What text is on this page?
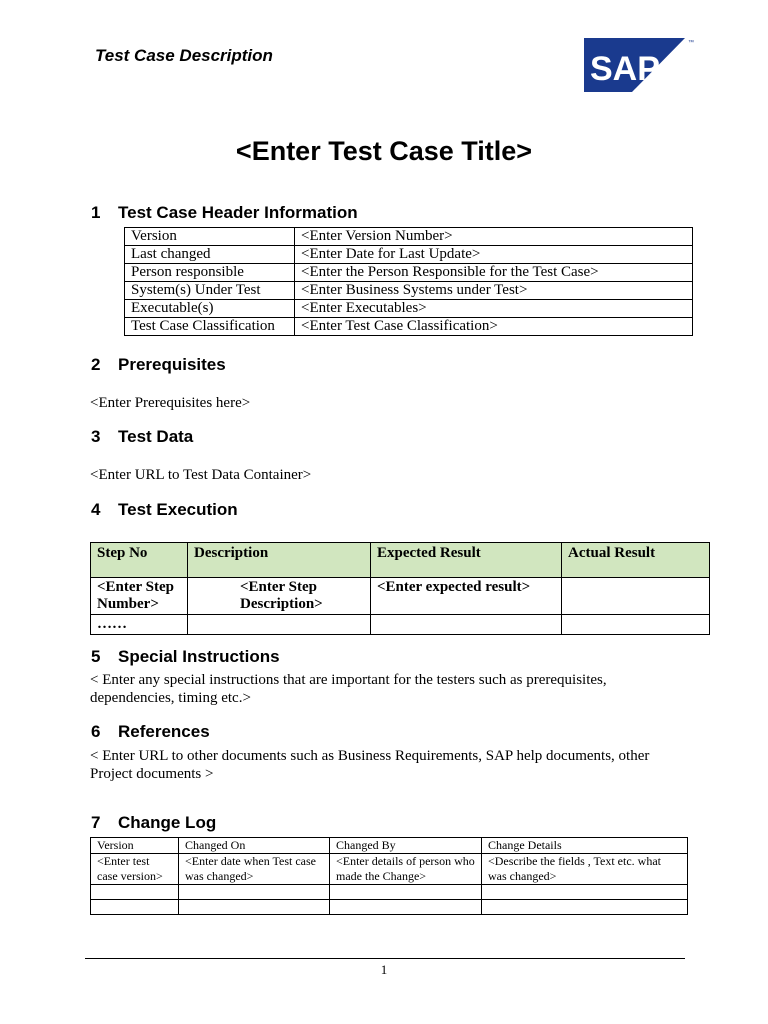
Test Case Description	SAP
™
<Enter Test Case Title>
1 Test Case Header Information
Version	<Enter Version Number>
Last changed	<Enter Date for Last Update>
Person responsible	<Enter the Person Responsible for the Test Case>
System(s) Under Test	<Enter Business Systems under Test>
Executable(s)	<Enter Executables>
Test Case Classification	<Enter Test Case Classification>
2 Prerequisites
<Enter Prerequisites here>
3 Test Data
<Enter URL to Test Data Container>
4 Test Execution
Step No	Description	Expected Result	Actual Result
<Enter Step Number>	<Enter Step Description>	<Enter expected result>	
……			
5 Special Instructions
< Enter any special instructions that are important for the testers such as prerequisites, dependencies, timing etc.>
6 References
< Enter URL to other documents such as Business Requirements, SAP help documents, other Project documents >
7 Change Log
Version	Changed On	Changed By	Change Details
<Enter test case version>	<Enter date when Test case was changed>	<Enter details of person who made the Change>	<Describe the fields , Text etc. what was changed>

1
